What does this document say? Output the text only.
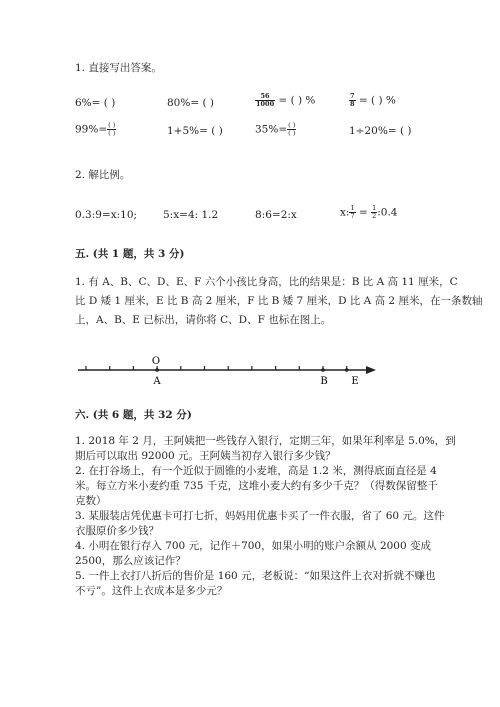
1. 直接写出答案。
6%= ( )	80%= ( )	$\frac{56}{1000}$ = ( ) %	$\frac{7}{8}$ = ( ) %
$99\%= \frac{( )}{( )}$	1+5%= ( )	$35\%= \frac{( )}{( )}$	1÷20%= ( )
2. 解比例。
0.3:9=x:10; 5:x=4: 1.2	8:6=2:x	x: $\frac{1}{7} = \frac{1}{2}$ :0.4
五. (共 1 题，共 3 分)
1. 有 A、B、C、D、E、F 六个小孩比身高，比的结果是：B 比 A 高 11 厘米，C
比 D 矮 1 厘米，E 比 B 高 2 厘米，F 比 B 矮 7 厘米，D 比 A 高 2 厘米，在一条数轴
上，A、B、E 已标出，请你将 C、D、F 也标在图上。
O
A	B E
六. (共 6 题，共 32 分)
1. 2018 年 2 月，王阿姨把一些钱存入银行，定期三年，如果年利率是 5.0%，到
期后可以取出 92000 元。王阿姨当初存入银行多少钱？
2. 在打谷场上，有一个近似于圆锥的小麦堆，高是 1.2 米，测得底面直径是 4
米。每立方米小麦约重 735 千克，这堆小麦大约有多少千克？（得数保留整千
克数）
3. 某服装店凭优惠卡可打七折，妈妈用优惠卡买了一件衣服，省了 60 元。这件
衣服原价多少钱？
4. 小明在银行存入 700 元，记作＋700，如果小明的账户余额从 2000 变成
2500，那么应该记作？
5. 一件上衣打八折后的售价是 160 元，老板说：“如果这件上衣对折就不赚也
不亏”。这件上衣成本是多少元？
